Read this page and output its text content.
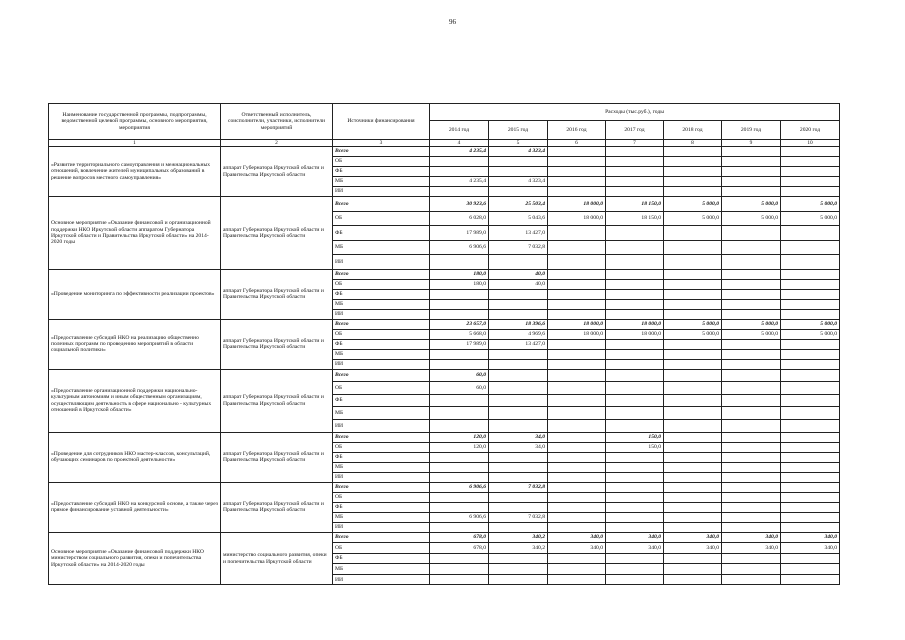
96
Наименование государственной программы, подпрограммы, ведомственной целевой программы, основного мероприятия, мероприятия	Ответственный исполнитель, соисполнители, участники, исполнители мероприятий	Источники финансирования	Расходы (тыс.руб.), годы						
			2014 год	2015 год	2016 год	2017 год	2018 год	2019 год	2020 год
1	2	3	4	5	6	7	8	9	10
«Развитие территориального самоуправления и межнациональных отношений, вовлечение жителей муниципальных образований в решение вопросов местного самоуправления»	аппарат Губернатора Иркутской области и Правительства Иркутской области	Всего	4 235,4	4 323,4					
		ОБ							
		ФБ							
		МБ	4 235,4	4 323,4					
		ИИ							
Основное мероприятие «Оказание финансовой и организационной поддержки НКО Иркутской области аппаратом Губернатора Иркутской области и Правительства Иркутской области» на 2014-2020 годы	аппарат Губернатора Иркутской области и Правительства Иркутской области	Всего	30 923,6	25 503,4	18 000,0	18 150,0	5 000,0	5 000,0	5 000,0
		ОБ	6 028,0	5 043,6	18 000,0	18 150,0	5 000,0	5 000,0	5 000,0
		ФБ	17 989,0	13 427,0					
		МБ	6 906,6	7 032,8					
		ИИ							
«Проведение мониторинга по эффективности реализации проектов»	аппарат Губернатора Иркутской области и Правительства Иркутской области	Всего	180,0	40,0					
		ОБ	180,0	40,0					
		ФБ							
		МБ							
		ИИ							
«Предоставление субсидий НКО на реализацию общественно полезных программ по проведению мероприятий в области социальной политики»	аппарат Губернатора Иркутской области и Правительства Иркутской области	Всего	23 657,0	18 396,6	18 000,0	18 000,0	5 000,0	5 000,0	5 000,0
		ОБ	5 668,0	4 969,6	18 000,0	18 000,0	5 000,0	5 000,0	5 000,0
		ФБ	17 989,0	13 427,0					
		МБ							
		ИИ							
«Предоставление организационной поддержки национально-культурным автономиям и иным общественным организациям, осуществляющим деятельность в сфере национально - культурных отношений в Иркутской области»	аппарат Губернатора Иркутской области и Правительства Иркутской области	Всего	60,0						
		ОБ	60,0						
		ФБ							
		МБ							
		ИИ							
«Проведение для сотрудников НКО мастер-классов, консультаций, обучающих семинаров по проектной деятельности»	аппарат Губернатора Иркутской области и Правительства Иркутской области	Всего	120,0	34,0		150,0			
		ОБ	120,0	34,0		150,0			
		ФБ							
		МБ							
		ИИ							
«Предоставление субсидий НКО на конкурсной основе, а также через прямое финансирование уставной деятельности»	аппарат Губернатора Иркутской области и Правительства Иркутской области	Всего	6 906,6	7 032,8					
		ОБ							
		ФБ							
		МБ	6 906,6	7 032,8					
		ИИ							
Основное мероприятие «Оказание финансовой поддержки НКО министерством социального развития, опеки и попечительства Иркутской области» на 2014-2020 годы	министерство социального развития, опеки и попечительства Иркутской области	Всего	678,0	340,2	340,0	340,0	340,0	340,0	340,0
		ОБ	678,0	340,2	340,0	340,0	340,0	340,0	340,0
		ФБ							
		МБ							
		ИИ							
